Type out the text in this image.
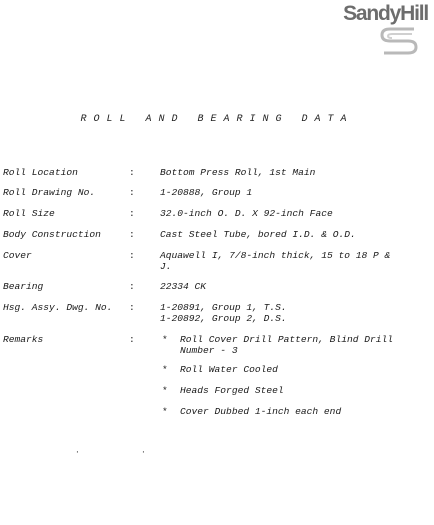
SandyHill
ROLL AND BEARING DATA
Roll Location	:	Bottom Press Roll, 1st Main
Roll Drawing No.	:	1-20888, Group 1
Roll Size	:	32.0-inch O. D. X 92-inch Face
Body Construction	:	Cast Steel Tube, bored I.D. & O.D.
Cover	:	Aquawell I, 7/8-inch thick, 15 to 18 P & J.
Bearing	:	22334 CK
Hsg. Assy. Dwg. No. :	1-20891, Group 1, T.S.
1-20892, Group 2, D.S.
Remarks	:	* Roll Cover Drill Pattern, Blind Drill Number - 3
* Roll Water Cooled
* Heads Forged Steel
* Cover Dubbed 1-inch each end
·	·
